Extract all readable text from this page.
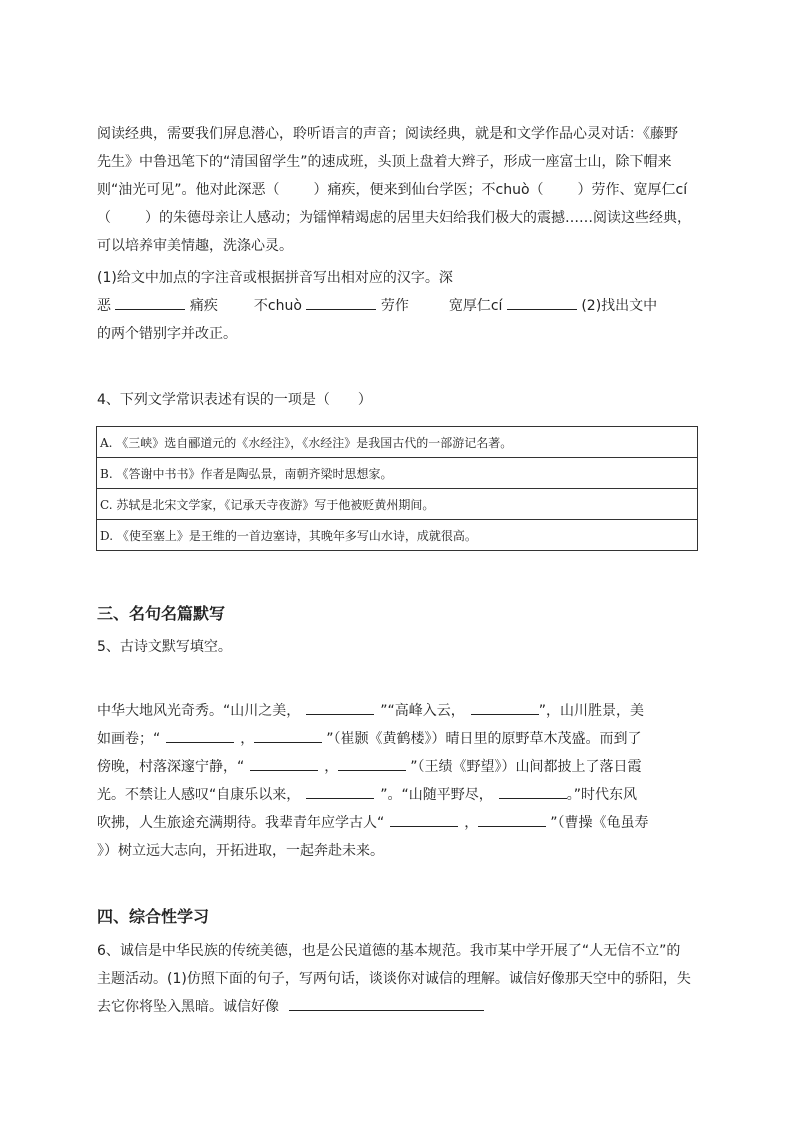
阅读经典，需要我们屏息潜心，聆听语言的声音；阅读经典，就是和文学作品心灵对话：《藤野
先生》中鲁迅笔下的“清国留学生”的速成班，头顶上盘着大辫子，形成一座富士山，除下帽来
则“油光可见”。他对此深恶（ ）痛疾，便来到仙台学医；不chuò（ ）劳作、宽厚仁cí
（ ）的朱德母亲让人感动；为镭惮精竭虑的居里夫妇给我们极大的震撼……阅读这些经典，
可以培养审美情趣，洗涤心灵。
(1)给文中加点的字注音或根据拼音写出相对应的汉字。深
恶	痛疾	不chuò	劳作	宽厚仁cí	(2)找出文中
的两个错别字并改正。

4、下列文学常识表述有误的一项是（　　）

A. 《三峡》选自郦道元的《水经注》，《水经注》是我国古代的一部游记名著。
B. 《答谢中书书》作者是陶弘景，南朝齐梁时思想家。
C. 苏轼是北宋文学家，《记承天寺夜游》写于他被贬黄州期间。
D. 《使至塞上》是王维的一首边塞诗，其晚年多写山水诗，成就很高。

三、名句名篇默写

5、古诗文默写填空。

中华大地风光奇秀。“山川之美，	”“高峰入云，	”，山川胜景，美
如画卷；“	，	”（崔颢《黄鹤楼》）晴日里的原野草木茂盛。而到了
傍晚，村落深邃宁静，“	，	”（王绩《野望》）山间都披上了落日霞
光。不禁让人感叹“自康乐以来，	”。“山随平野尽，	。”时代东风
吹拂，人生旅途充满期待。我辈青年应学古人“	，	”（曹操《龟虽寿
》）树立远大志向，开拓进取，一起奔赴未来。

四、综合性学习

6、诚信是中华民族的传统美德，也是公民道德的基本规范。我市某中学开展了“人无信不立”的
主题活动。(1)仿照下面的句子，写两句话，谈谈你对诚信的理解。诚信好像那天空中的骄阳，失
去它你将坠入黑暗。诚信好像
